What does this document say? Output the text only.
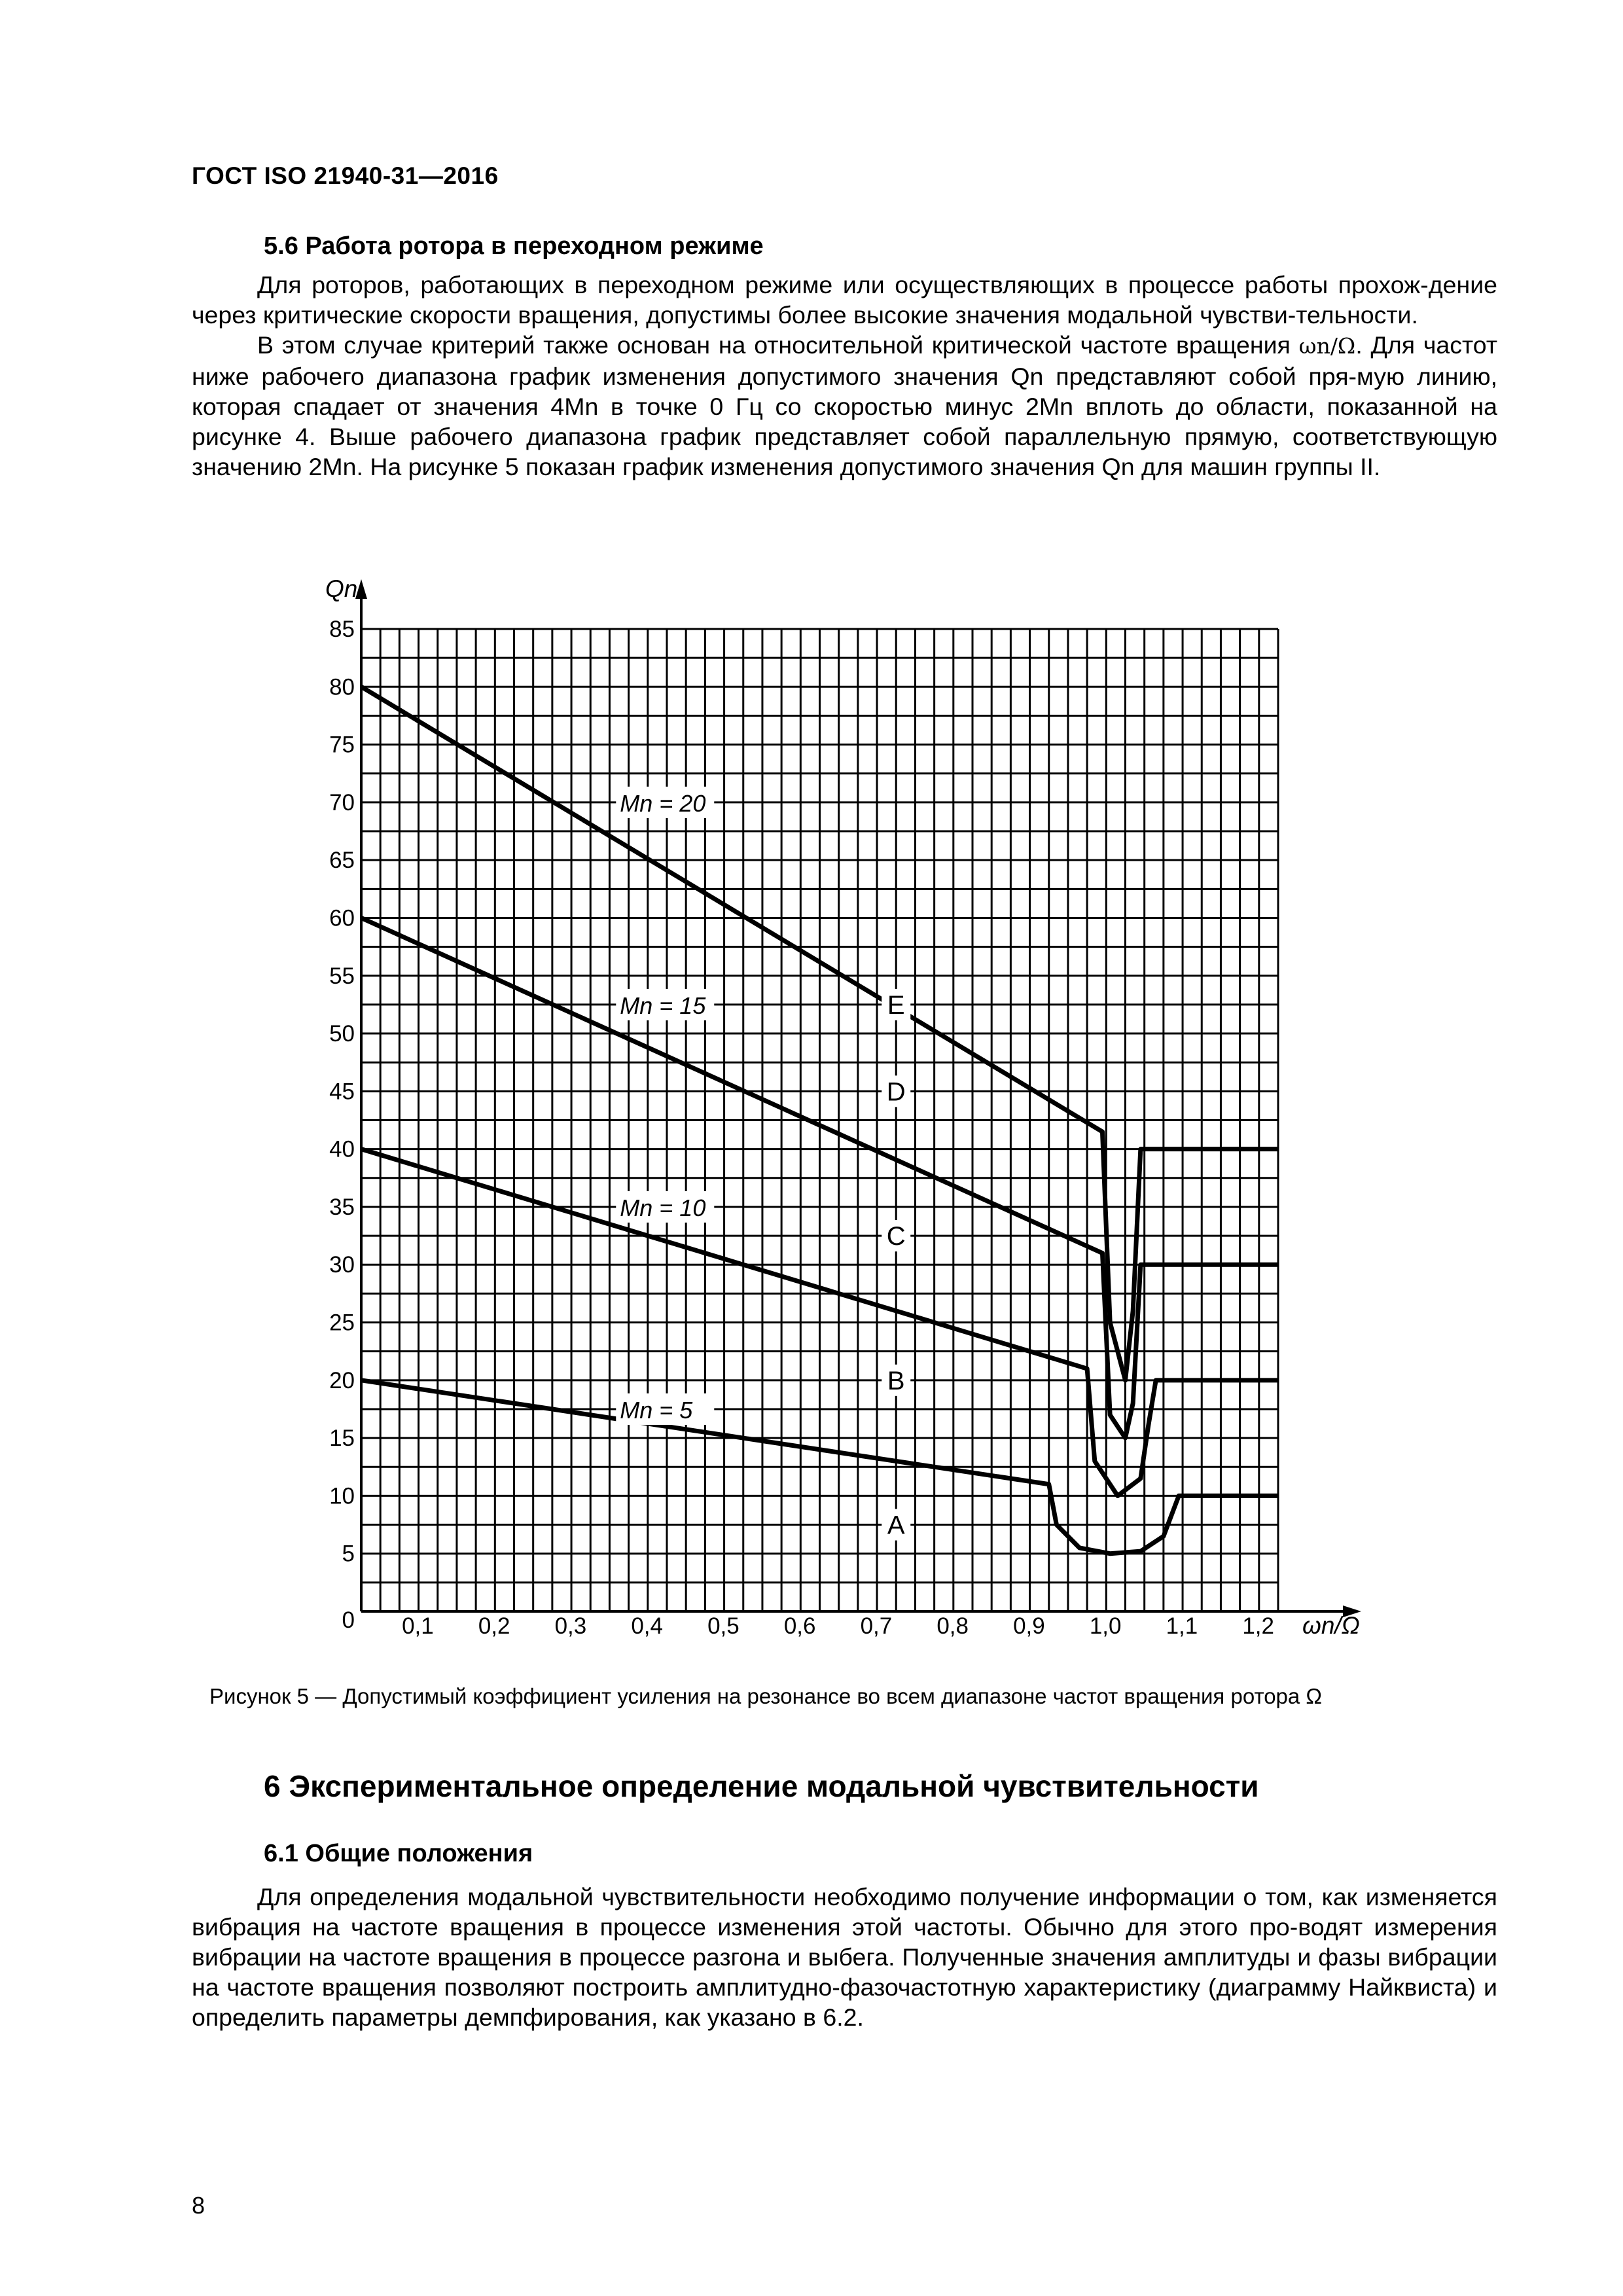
ГОСТ ISO 21940-31—2016
5.6 Работа ротора в переходном режиме

Для роторов, работающих в переходном режиме или осуществляющих в процессе работы прохож-дение через критические скорости вращения, допустимы более высокие значения модальной чувстви-тельности.

В этом случае критерий также основан на относительной критической частоте вращения ωn/Ω. Для частот ниже рабочего диапазона график изменения допустимого значения Qn представляют собой пря-мую линию, которая спадает от значения 4Mn в точке 0 Гц со скоростью минус 2Mn вплоть до области, показанной на рисунке 4. Выше рабочего диапазона график представляет собой параллельную прямую, соответствующую значению 2Mn. На рисунке 5 показан график изменения допустимого значения Qn для машин группы II.

0
5
10
15
20
25
30
35
40
45
50
55
60
65
70
75
80
85
0,1 0,2 0,3 0,4 0,5 0,6 0,7 0,8 0,9 1,0 1,1 1,2
Qn
ωn/Ω
Mn = 20
Mn = 15
Mn = 10
Mn = 5
E
D
C
B
A
Рисунок 5 — Допустимый коэффициент усиления на резонансе во всем диапазоне частот вращения ротора Ω
6 Экспериментальное определение модальной чувствительности
6.1 Общие положения

Для определения модальной чувствительности необходимо получение информации о том, как изменяется вибрация на частоте вращения в процессе изменения этой частоты. Обычно для этого про-водят измерения вибрации на частоте вращения в процессе разгона и выбега. Полученные значения амплитуды и фазы вибрации на частоте вращения позволяют построить амплитудно-фазочастотную характеристику (диаграмму Найквиста) и определить параметры демпфирования, как указано в 6.2.

8
